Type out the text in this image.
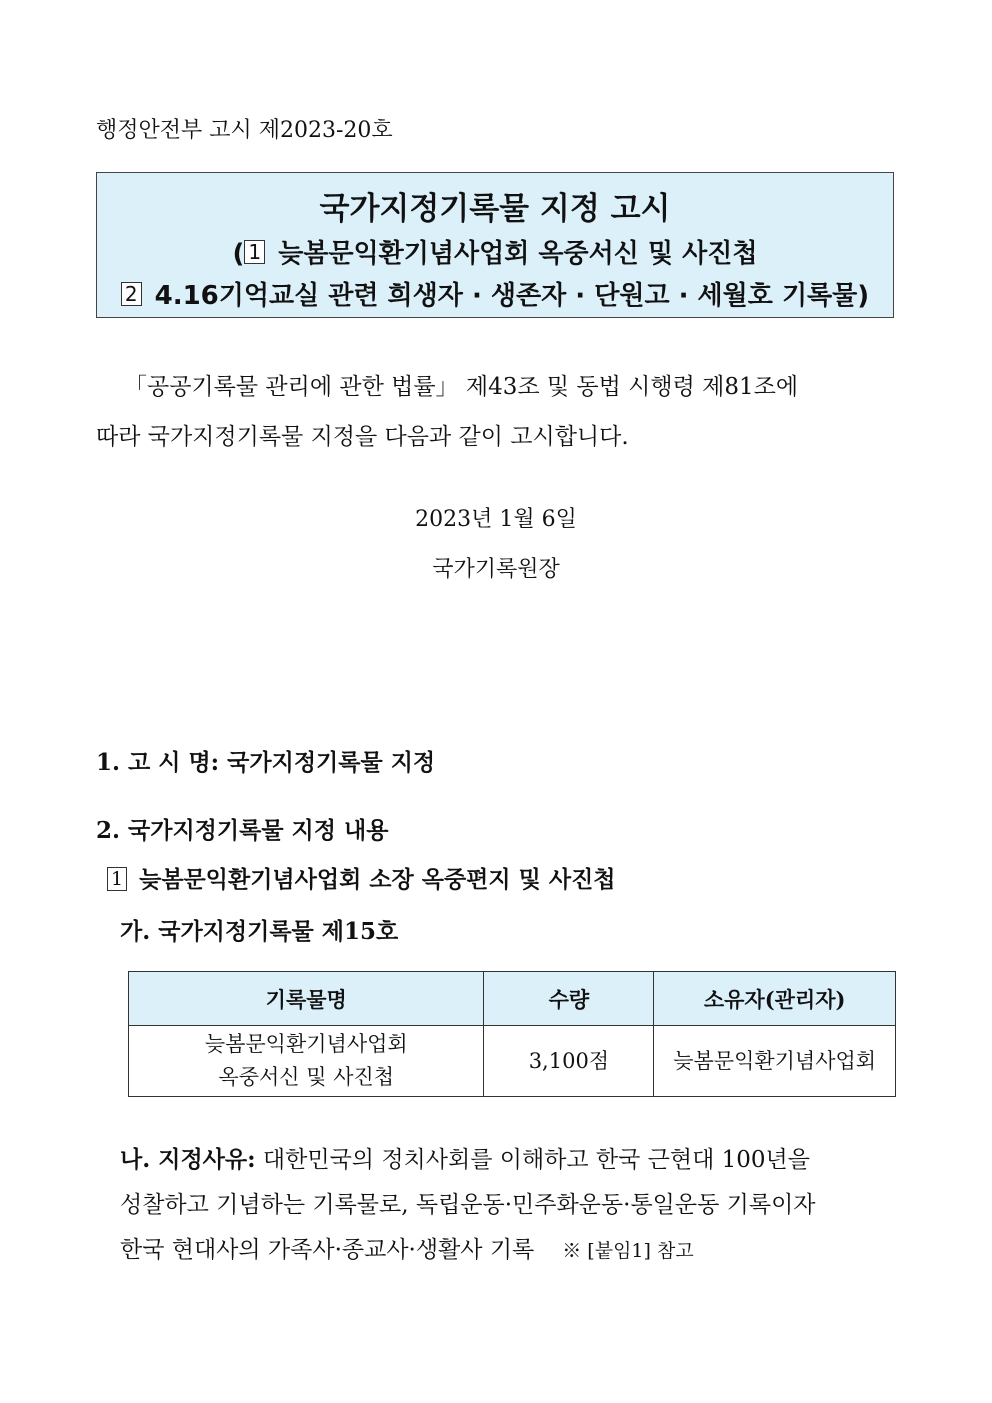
행정안전부 고시 제2023-20호
국가지정기록물 지정 고시
( 1 늦봄문익환기념사업회 옥중서신 및 사진첩
2 4.16기억교실 관련 희생자 · 생존자 · 단원고 · 세월호 기록물)
「공공기록물 관리에 관한 법률」 제43조 및 동법 시행령 제81조에
따라 국가지정기록물 지정을 다음과 같이 고시합니다.
2023년 1월 6일
국가기록원장
1. 고 시 명: 국가지정기록물 지정
2. 국가지정기록물 지정 내용
1 늦봄문익환기념사업회 소장 옥중편지 및 사진첩
가. 국가지정기록물 제15호
기록물명	수량	소유자(관리자)

늦봄문익환기념사업회
옥중서신 및 사진첩	3,100점	늦봄문익환기념사업회
나. 지정사유: 대한민국의 정치사회를 이해하고 한국 근현대 100년을
성찰하고 기념하는 기록물로, 독립운동·민주화운동·통일운동 기록이자
한국 현대사의 가족사·종교사·생활사 기록 ※ [붙임1] 참고
